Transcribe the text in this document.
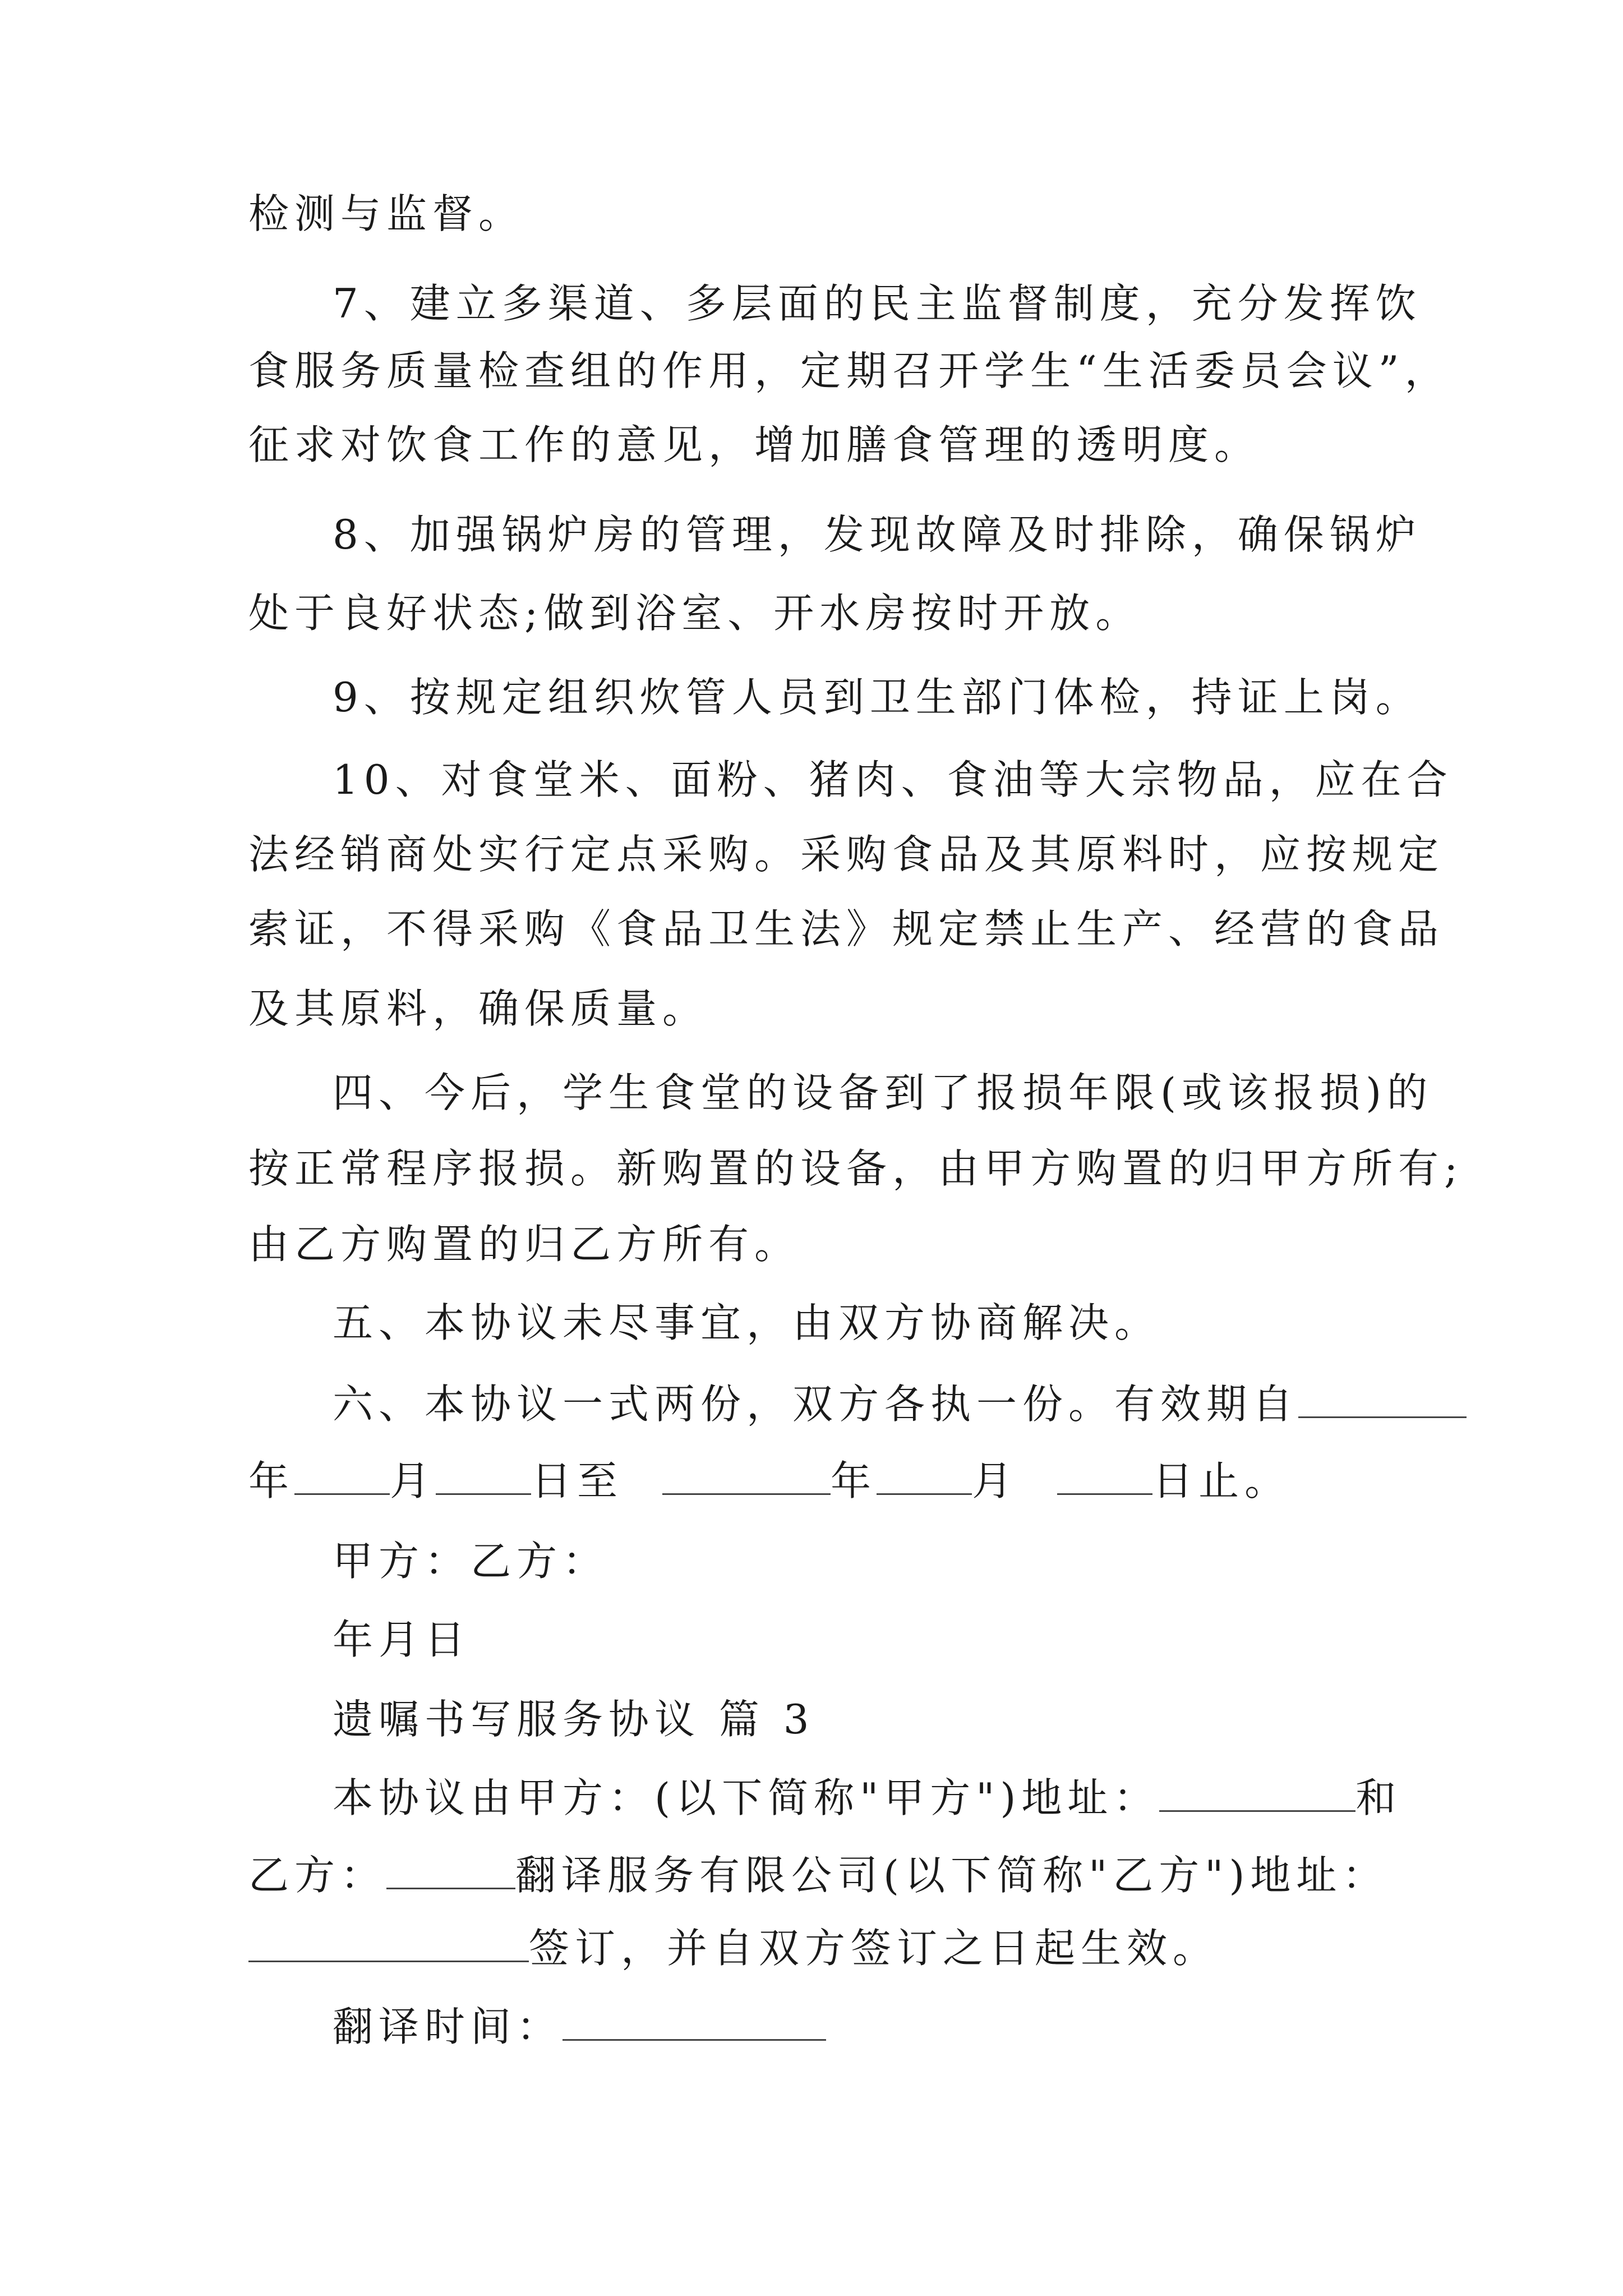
检测与监督。
7、建立多渠道、多层面的民主监督制度，充分发挥饮
食服务质量检查组的作用，定期召开学生“生活委员会议”，
征求对饮食工作的意见，增加膳食管理的透明度。
8、加强锅炉房的管理，发现故障及时排除，确保锅炉
处于良好状态;做到浴室、开水房按时开放。
9、按规定组织炊管人员到卫生部门体检，持证上岗。
10、对食堂米、面粉、猪肉、食油等大宗物品，应在合
法经销商处实行定点采购。采购食品及其原料时，应按规定
索证，不得采购《食品卫生法》规定禁止生产、经营的食品
及其原料，确保质量。
四、今后，学生食堂的设备到了报损年限(或该报损)的
按正常程序报损。新购置的设备，由甲方购置的归甲方所有;
由乙方购置的归乙方所有。
五、本协议未尽事宜，由双方协商解决。
六、本协议一式两份，双方各执一份。有效期自
年 月 日至	年 月	日止。
甲方：乙方：
年月日
遗嘱书写服务协议 篇 3
本协议由甲方：(以下简称"甲方")地址：	和
乙方：	翻译服务有限公司(以下简称"乙方")地址：
签订，并自双方签订之日起生效。
翻译时间：
